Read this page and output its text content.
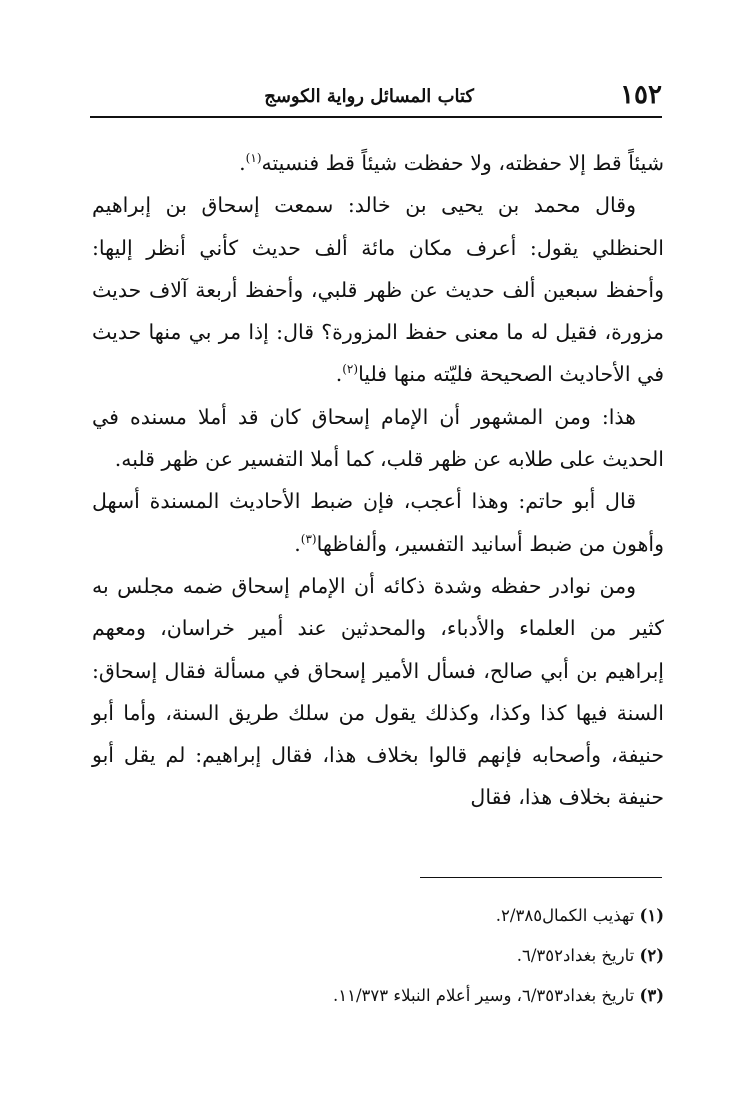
١٥٢
كتاب المسائل رواية الكوسج

شيئاً قط إلا حفظته، ولا حفظت شيئاً قط فنسيته$^{(١)}$.

وقال محمد بن يحيى بن خالد: سمعت إسحاق بن إبراهيم الحنظلي يقول: أعرف مكان مائة ألف حديث كأني أنظر إليها: وأحفظ سبعين ألف حديث عن ظهر قلبي، وأحفظ أربعة آلاف حديث مزورة، فقيل له ما معنى حفظ المزورة؟ قال: إذا مر بي منها حديث في الأحاديث الصحيحة فليّته منها فليا$^{(٢)}$.

هذا: ومن المشهور أن الإمام إسحاق كان قد أملا مسنده في الحديث على طلابه عن ظهر قلب، كما أملا التفسير عن ظهر قلبه.

قال أبو حاتم: وهذا أعجب، فإن ضبط الأحاديث المسندة أسهل وأهون من ضبط أسانيد التفسير، وألفاظها$^{(٣)}$.

ومن نوادر حفظه وشدة ذكائه أن الإمام إسحاق ضمه مجلس به كثير من العلماء والأدباء، والمحدثين عند أمير خراسان، ومعهم إبراهيم بن أبي صالح، فسأل الأمير إسحاق في مسألة فقال إسحاق: السنة فيها كذا وكذا، وكذلك يقول من سلك طريق السنة، وأما أبو حنيفة، وأصحابه فإنهم قالوا بخلاف هذا، فقال إبراهيم: لم يقل أبو حنيفة بخلاف هذا، فقال

(١) تهذيب الكمال٢/٣٨٥.

(٢) تاريخ بغداد٦/٣٥٢.

(٣) تاريخ بغداد٦/٣٥٣، وسير أعلام النبلاء ١١/٣٧٣.
